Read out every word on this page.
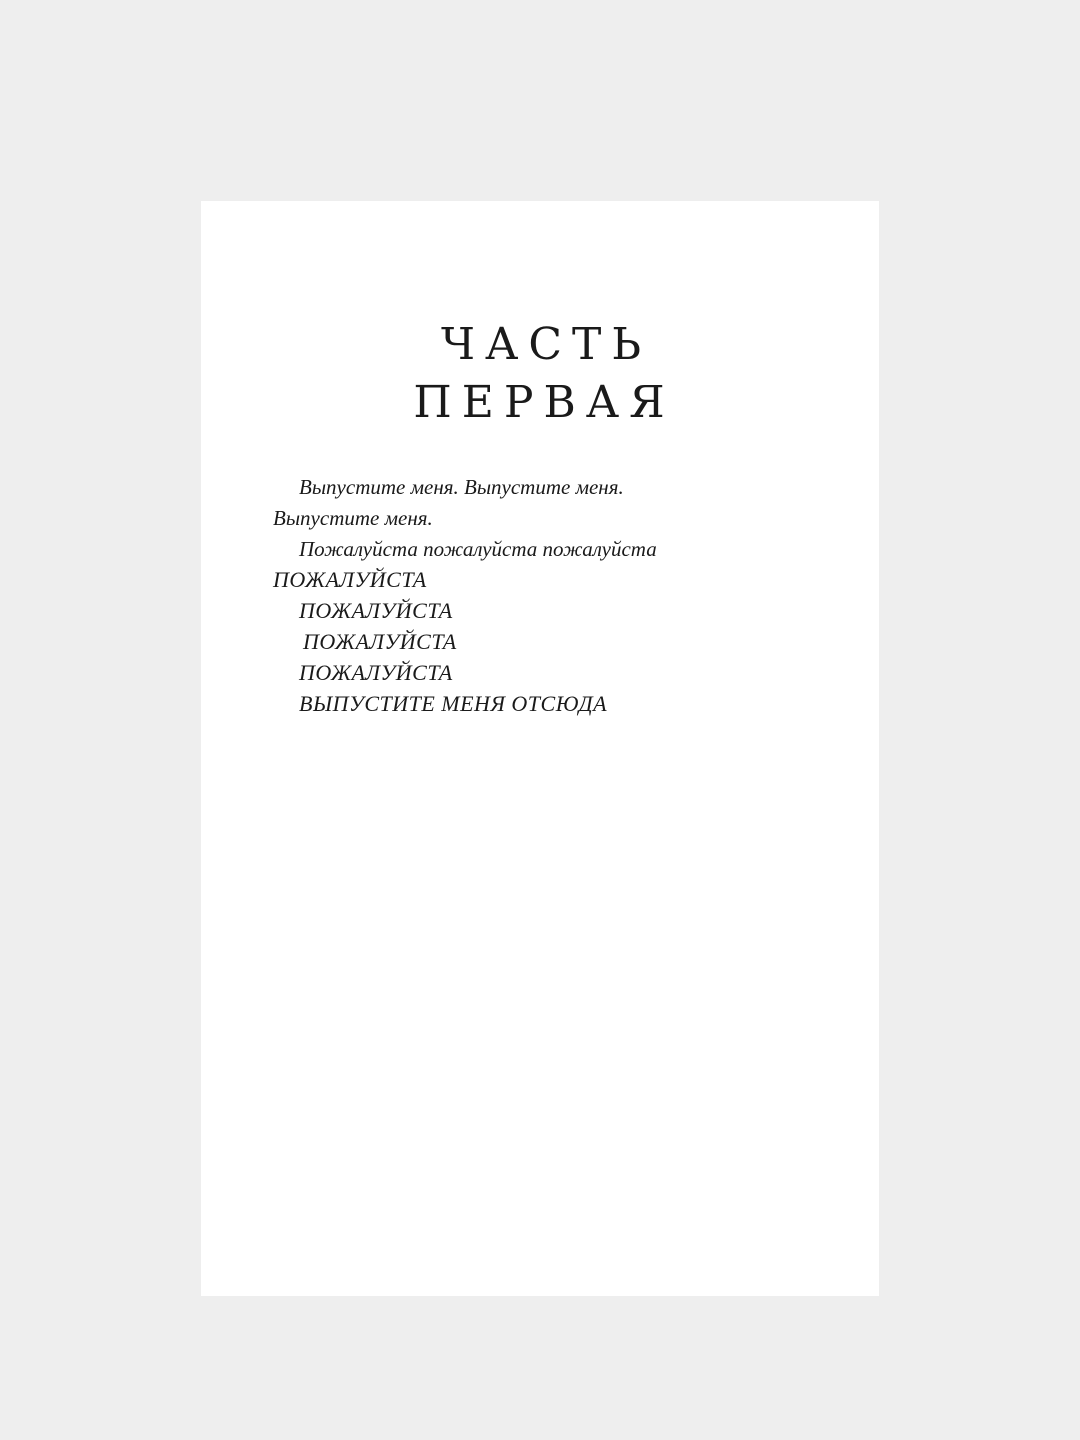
ЧАСТЬ
ПЕРВАЯ
Выпустите меня. Выпустите меня.
Выпустите меня.
Пожалуйста пожалуйста пожалуйста
ПОЖАЛУЙСТА
ПОЖАЛУЙСТА
ПОЖАЛУЙСТА
ПОЖАЛУЙСТА
ВЫПУСТИТЕ МЕНЯ ОТСЮДА
